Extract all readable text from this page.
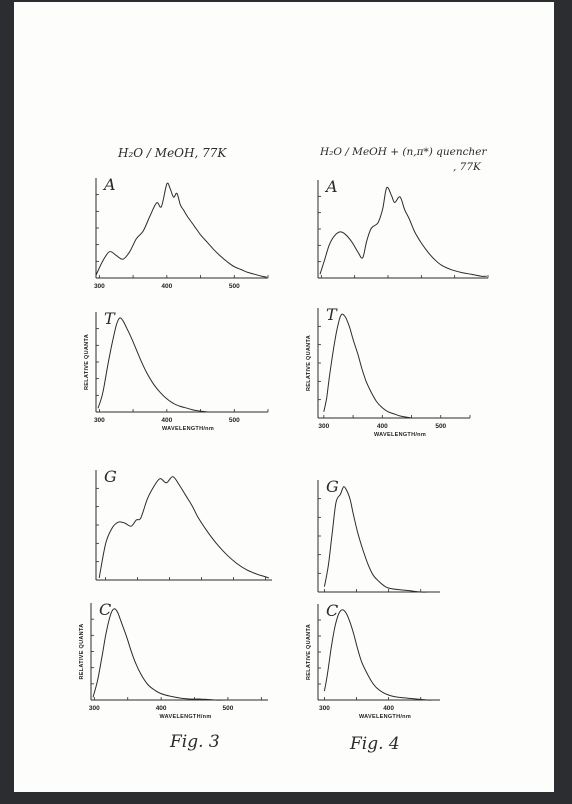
H₂O / MeOH, 77K	H₂O / MeOH + (n,π*) quencher
, 77K
300	400	500
A
300	400	500
WAVELENGTH/nm
RELATIVE QUANTA
T
G
300	400	500
WAVELENGTH/nm
RELATIVE QUANTA
C
A
300	400	500
WAVELENGTH/nm
RELATIVE QUANTA
T
G
300	400
WAVELENGTH/nm
RELATIVE QUANTA
C
Fig. 3	Fig. 4
